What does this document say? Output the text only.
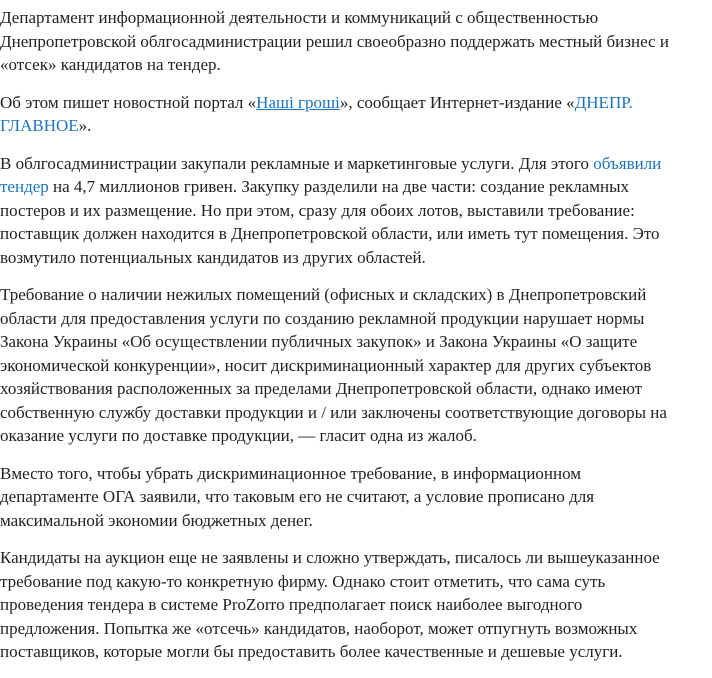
Департамент информационной деятельности и коммуникаций с общественностью
Днепропетровской облгосадминистрации решил своеобразно поддержать местный бизнес и
«отсек» кандидатов на тендер.

Об этом пишет новостной портал «Наші гроші», сообщает Интернет-издание «ДНЕПР.
ГЛАВНОЕ».

В облгосадминистрации закупали рекламные и маркетинговые услуги. Для этого объявили
тендер на 4,7 миллионов гривен. Закупку разделили на две части: создание рекламных
постеров и их размещение. Но при этом, сразу для обоих лотов, выставили требование:
поставщик должен находится в Днепропетровской области, или иметь тут помещения. Это
возмутило потенциальных кандидатов из других областей.

Требование о наличии нежилых помещений (офисных и складских) в Днепропетровский
области для предоставления услуги по созданию рекламной продукции нарушает нормы
Закона Украины «Об осуществлении публичных закупок» и Закона Украины «О защите
экономической конкуренции», носит дискриминационный характер для других субъектов
хозяйствования расположенных за пределами Днепропетровской области, однако имеют
собственную службу доставки продукции и / или заключены соответствующие договоры на
оказание услуги по доставке продукции, — гласит одна из жалоб.

Вместо того, чтобы убрать дискриминационное требование, в информационном
департаменте ОГА заявили, что таковым его не считают, а условие прописано для
максимальной экономии бюджетных денег.

Кандидаты на аукцион еще не заявлены и сложно утверждать, писалось ли вышеуказанное
требование под какую-то конкретную фирму. Однако стоит отметить, что сама суть
проведения тендера в системе ProZorro предполагает поиск наиболее выгодного
предложения. Попытка же «отсечь» кандидатов, наоборот, может отпугнуть возможных
поставщиков, которые могли бы предоставить более качественные и дешевые услуги.
